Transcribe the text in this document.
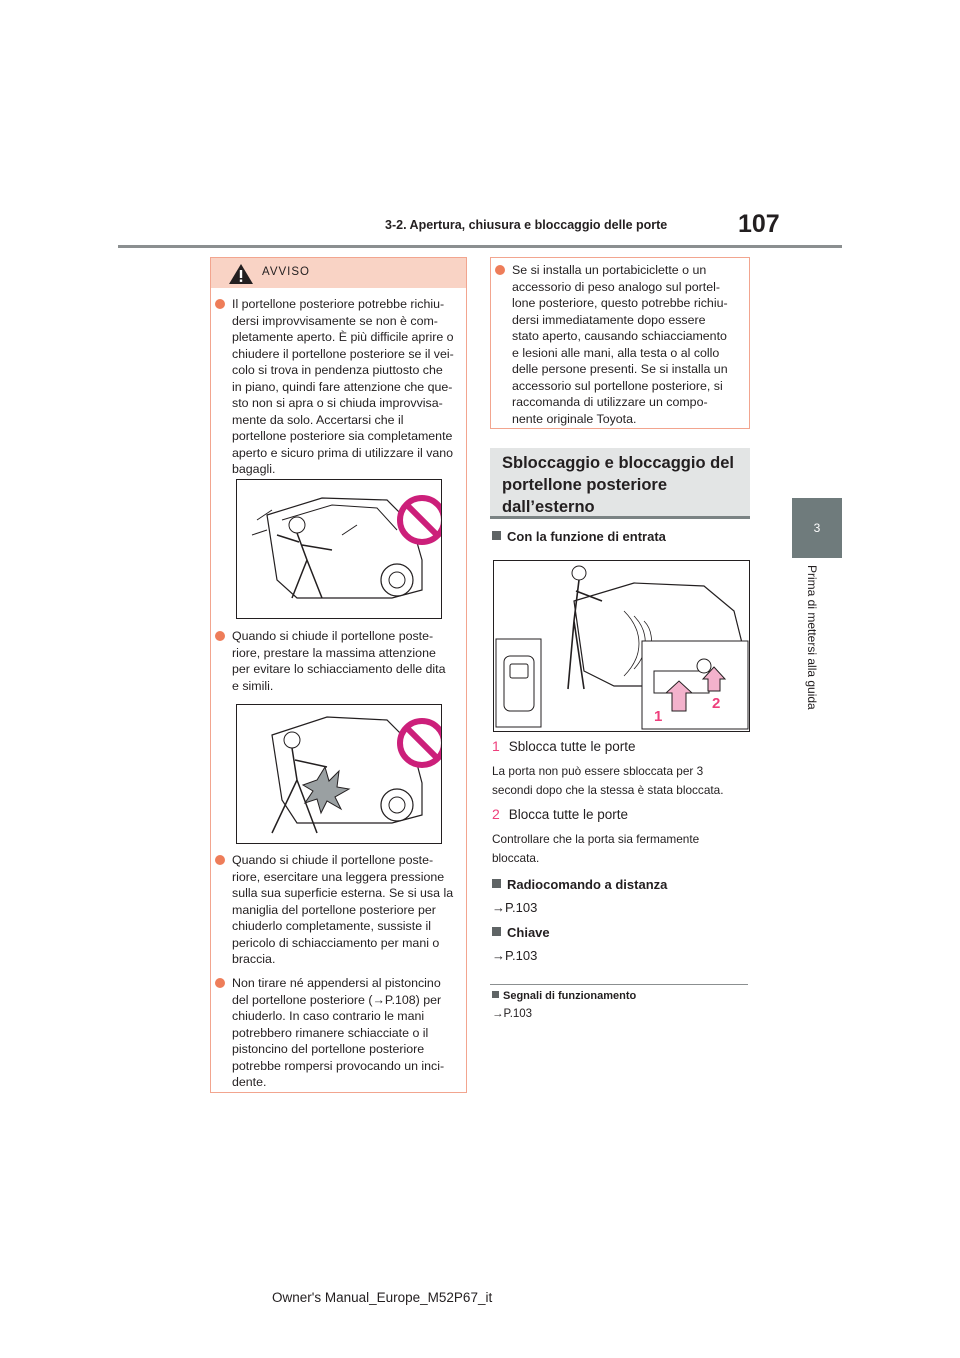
3-2. Apertura, chiusura e bloccaggio delle porte	107
3
Prima di mettersi alla guida
AVVISO
Il portellone posteriore potrebbe richiu-
dersi improvvisamente se non è com-
pletamente aperto. È più difficile aprire o
chiudere il portellone posteriore se il vei-
colo si trova in pendenza piuttosto che
in piano, quindi fare attenzione che que-
sto non si apra o si chiuda improvvisa-
mente da solo. Accertarsi che il
portellone posteriore sia completamente
aperto e sicuro prima di utilizzare il vano
bagagli.
Quando si chiude il portellone poste-
riore, prestare la massima attenzione
per evitare lo schiacciamento delle dita
e simili.
Quando si chiude il portellone poste-
riore, esercitare una leggera pressione
sulla sua superficie esterna. Se si usa la
maniglia del portellone posteriore per
chiuderlo completamente, sussiste il
pericolo di schiacciamento per mani o
braccia.
Non tirare né appendersi al pistoncino
del portellone posteriore (→P.108) per
chiuderlo. In caso contrario le mani
potrebbero rimanere schiacciate o il
pistoncino del portellone posteriore
potrebbe rompersi provocando un inci-
dente.
Se si installa un portabiciclette o un
accessorio di peso analogo sul portel-
lone posteriore, questo potrebbe richiu-
dersi immediatamente dopo essere
stato aperto, causando schiacciamento
e lesioni alle mani, alla testa o al collo
delle persone presenti. Se si installa un
accessorio sul portellone posteriore, si
raccomanda di utilizzare un compo-
nente originale Toyota.
Sbloccaggio e bloccaggio del
portellone posteriore
dall’esterno
Con la funzione di entrata
1
2
1 Sblocca tutte le porte
La porta non può essere sbloccata per 3
secondi dopo che la stessa è stata bloccata.
2 Blocca tutte le porte
Controllare che la porta sia fermamente
bloccata.
Radiocomando a distanza
→P.103
Chiave
→P.103
Segnali di funzionamento
→P.103
Owner's Manual_Europe_M52P67_it
